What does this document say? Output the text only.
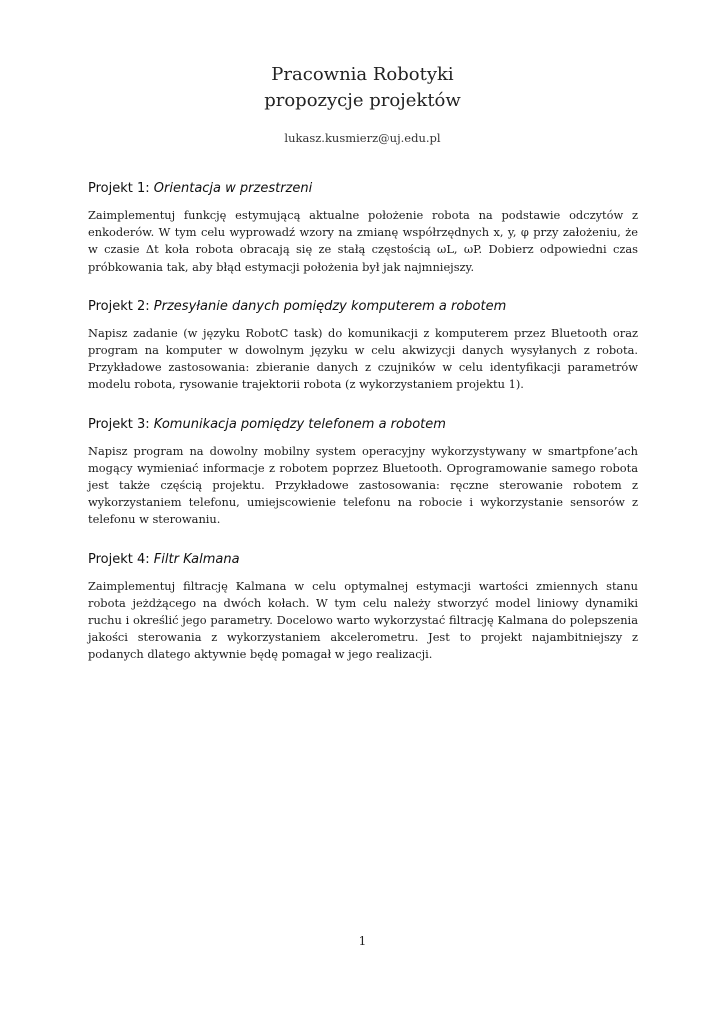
Pracownia Robotyki
propozycje projektów
lukasz.kusmierz@uj.edu.pl
Projekt 1: Orientacja w przestrzeni
Zaimplementuj funkcję estymującą aktualne położenie robota na podstawie odczytów z enkoderów. W tym celu wyprowadź wzory na zmianę współrzędnych x, y, φ przy założeniu, że w czasie Δt koła robota obracają się ze stałą częstością ωL, ωP. Dobierz odpowiedni czas próbkowania tak, aby błąd estymacji położenia był jak najmniejszy.
Projekt 2: Przesyłanie danych pomiędzy komputerem a robotem
Napisz zadanie (w języku RobotC task) do komunikacji z komputerem przez Bluetooth oraz program na komputer w dowolnym języku w celu akwizycji danych wysyłanych z robota. Przykładowe zastosowania: zbieranie danych z czujników w celu identyfikacji parametrów modelu robota, rysowanie trajektorii robota (z wykorzystaniem projektu 1).
Projekt 3: Komunikacja pomiędzy telefonem a robotem
Napisz program na dowolny mobilny system operacyjny wykorzystywany w smartpfone’ach mogący wymieniać informacje z robotem poprzez Bluetooth. Oprogramowanie samego robota jest także częścią projektu. Przykładowe zastosowania: ręczne sterowanie robotem z wykorzystaniem telefonu, umiejscowienie telefonu na robocie i wykorzystanie sensorów z telefonu w sterowaniu.
Projekt 4: Filtr Kalmana
Zaimplementuj filtrację Kalmana w celu optymalnej estymacji wartości zmiennych stanu robota jeżdżącego na dwóch kołach. W tym celu należy stworzyć model liniowy dynamiki ruchu i określić jego parametry. Docelowo warto wykorzystać filtrację Kalmana do polepszenia jakości sterowania z wykorzystaniem akcelerometru. Jest to projekt najambitniejszy z podanych dlatego aktywnie będę pomagał w jego realizacji.
1
